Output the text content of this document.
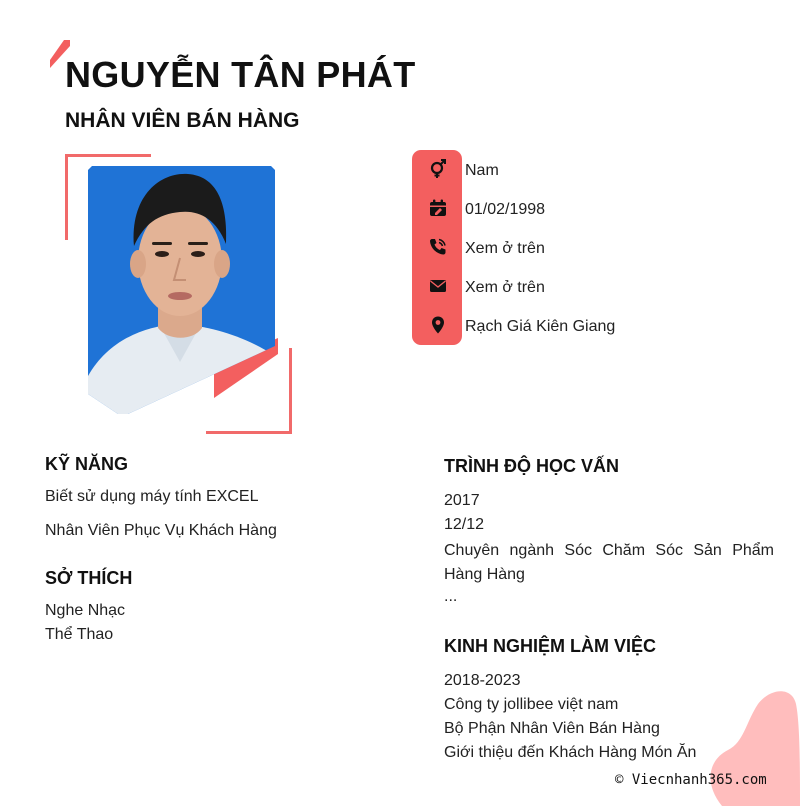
NGUYỄN TÂN PHÁT
NHÂN VIÊN BÁN HÀNG
Nam
01/02/1998
Xem ở trên
Xem ở trên
Rạch Giá Kiên Giang
KỸ NĂNG
Biết sử dụng máy tính EXCEL
Nhân Viên Phục Vụ Khách Hàng
SỞ THÍCH
Nghe Nhạc
Thể Thao
TRÌNH ĐỘ HỌC VẤN
2017
12/12
Chuyên ngành Sóc Chăm Sóc Sản Phẩm Hàng Hàng
...
KINH NGHIỆM LÀM VIỆC
2018-2023
Công ty jollibee việt nam
Bộ Phận Nhân Viên Bán Hàng
Giới thiệu đến Khách Hàng Món Ăn
© Viecnhanh365.com
